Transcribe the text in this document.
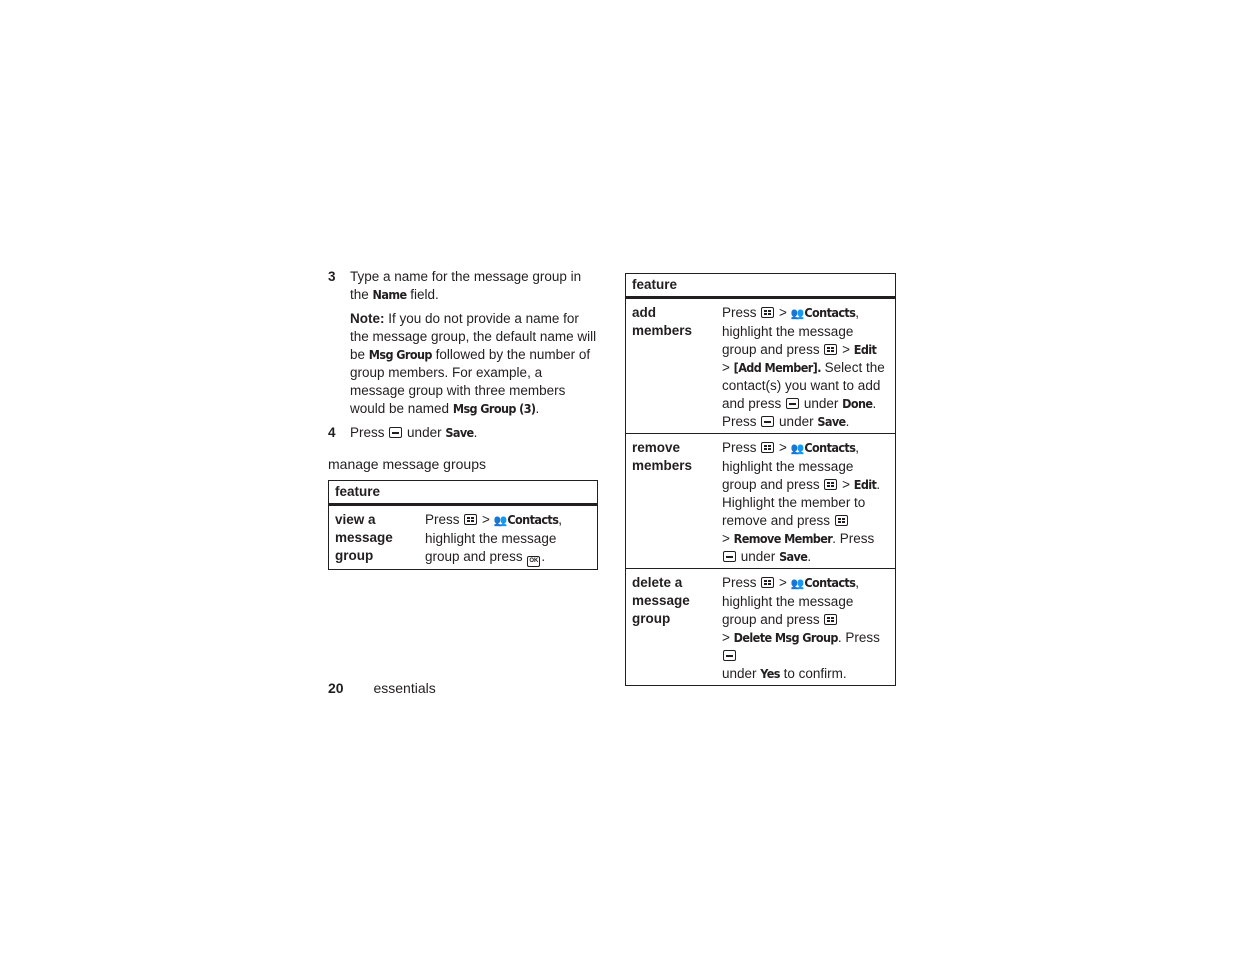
3 Type a name for the message group in the Name field.

Note: If you do not provide a name for the message group, the default name will be Msg Group followed by the number of group members. For example, a message group with three members would be named Msg Group (3).

4 Press under Save.
manage message groups
feature
view a message group	Press > 👥 Contacts, highlight the message group and press OK .
feature	
add members	Press > 👥 Contacts, highlight the message group and press > Edit
> [Add Member]. Select the contact(s) you want to add and press under Done. Press under Save.
remove members	Press > 👥 Contacts, highlight the message group and press > Edit. Highlight the member to remove and press
> Remove Member. Press  under Save.
delete a message group	Press > 👥 Contacts, highlight the message group and press
> Delete Msg Group. Press
under Yes to confirm.
20 essentials
